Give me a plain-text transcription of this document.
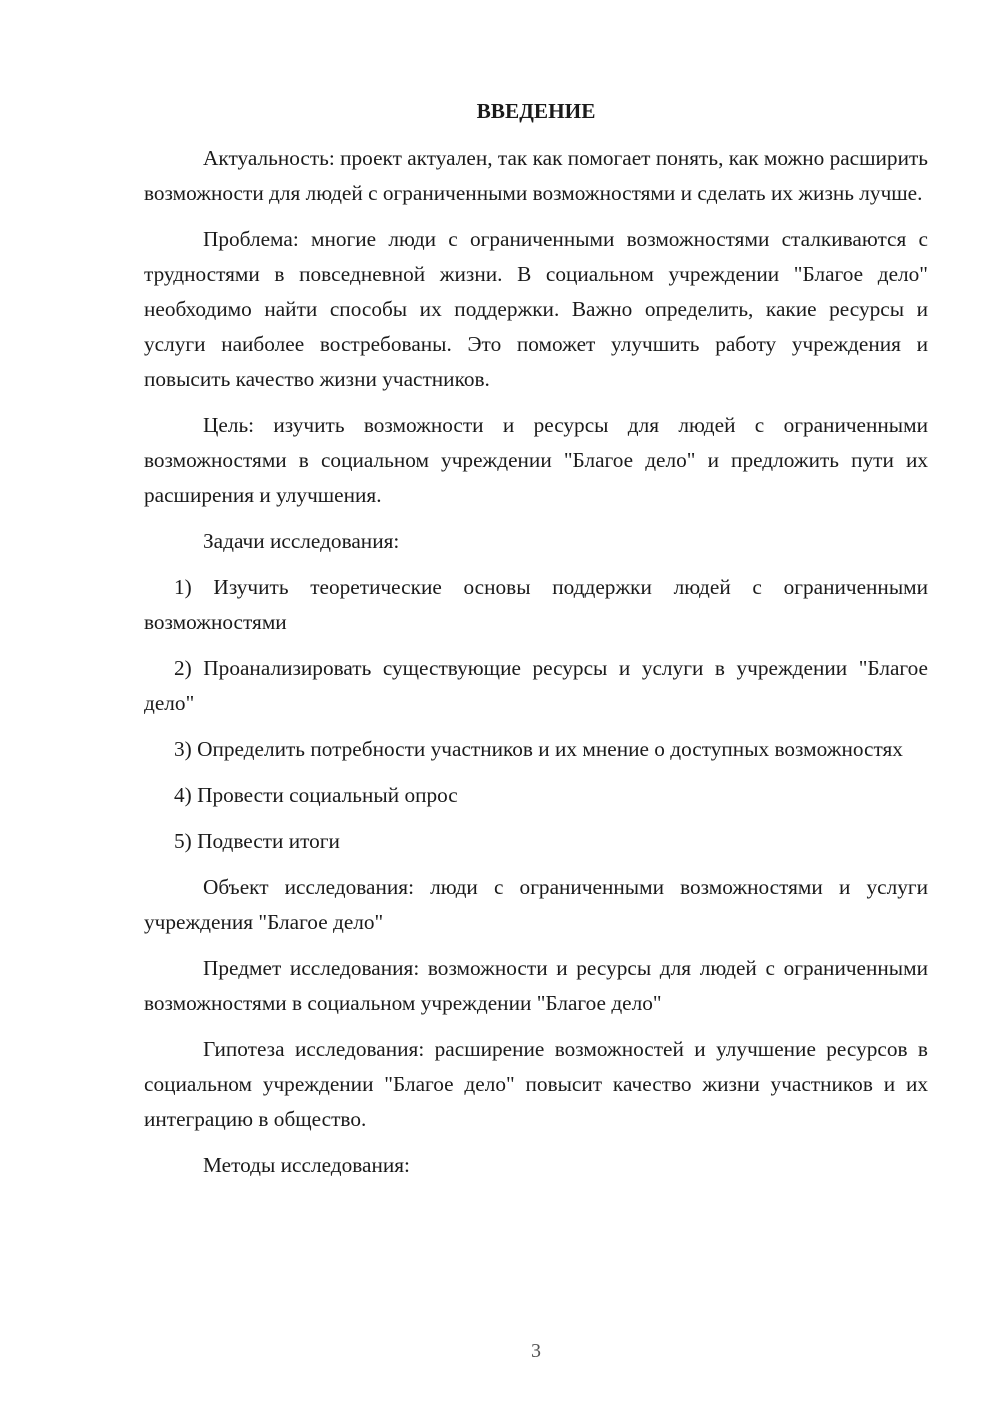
ВВЕДЕНИЕ

Актуальность: проект актуален, так как помогает понять, как можно расширить возможности для людей с ограниченными возможностями и сделать их жизнь лучше.

Проблема: многие люди с ограниченными возможностями сталкиваются с трудностями в повседневной жизни. В социальном учреждении "Благое дело" необходимо найти способы их поддержки. Важно определить, какие ресурсы и услуги наиболее востребованы. Это поможет улучшить работу учреждения и повысить качество жизни участников.

Цель: изучить возможности и ресурсы для людей с ограниченными возможностями в социальном учреждении "Благое дело" и предложить пути их расширения и улучшения.

Задачи исследования:

1) Изучить теоретические основы поддержки людей с ограниченными возможностями

2) Проанализировать существующие ресурсы и услуги в учреждении "Благое дело"

3) Определить потребности участников и их мнение о доступных возможностях

4) Провести социальный опрос

5) Подвести итоги

Объект исследования: люди с ограниченными возможностями и услуги учреждения "Благое дело"

Предмет исследования: возможности и ресурсы для людей с ограниченными возможностями в социальном учреждении "Благое дело"

Гипотеза исследования: расширение возможностей и улучшение ресурсов в социальном учреждении "Благое дело" повысит качество жизни участников и их интеграцию в общество.

Методы исследования:

3
